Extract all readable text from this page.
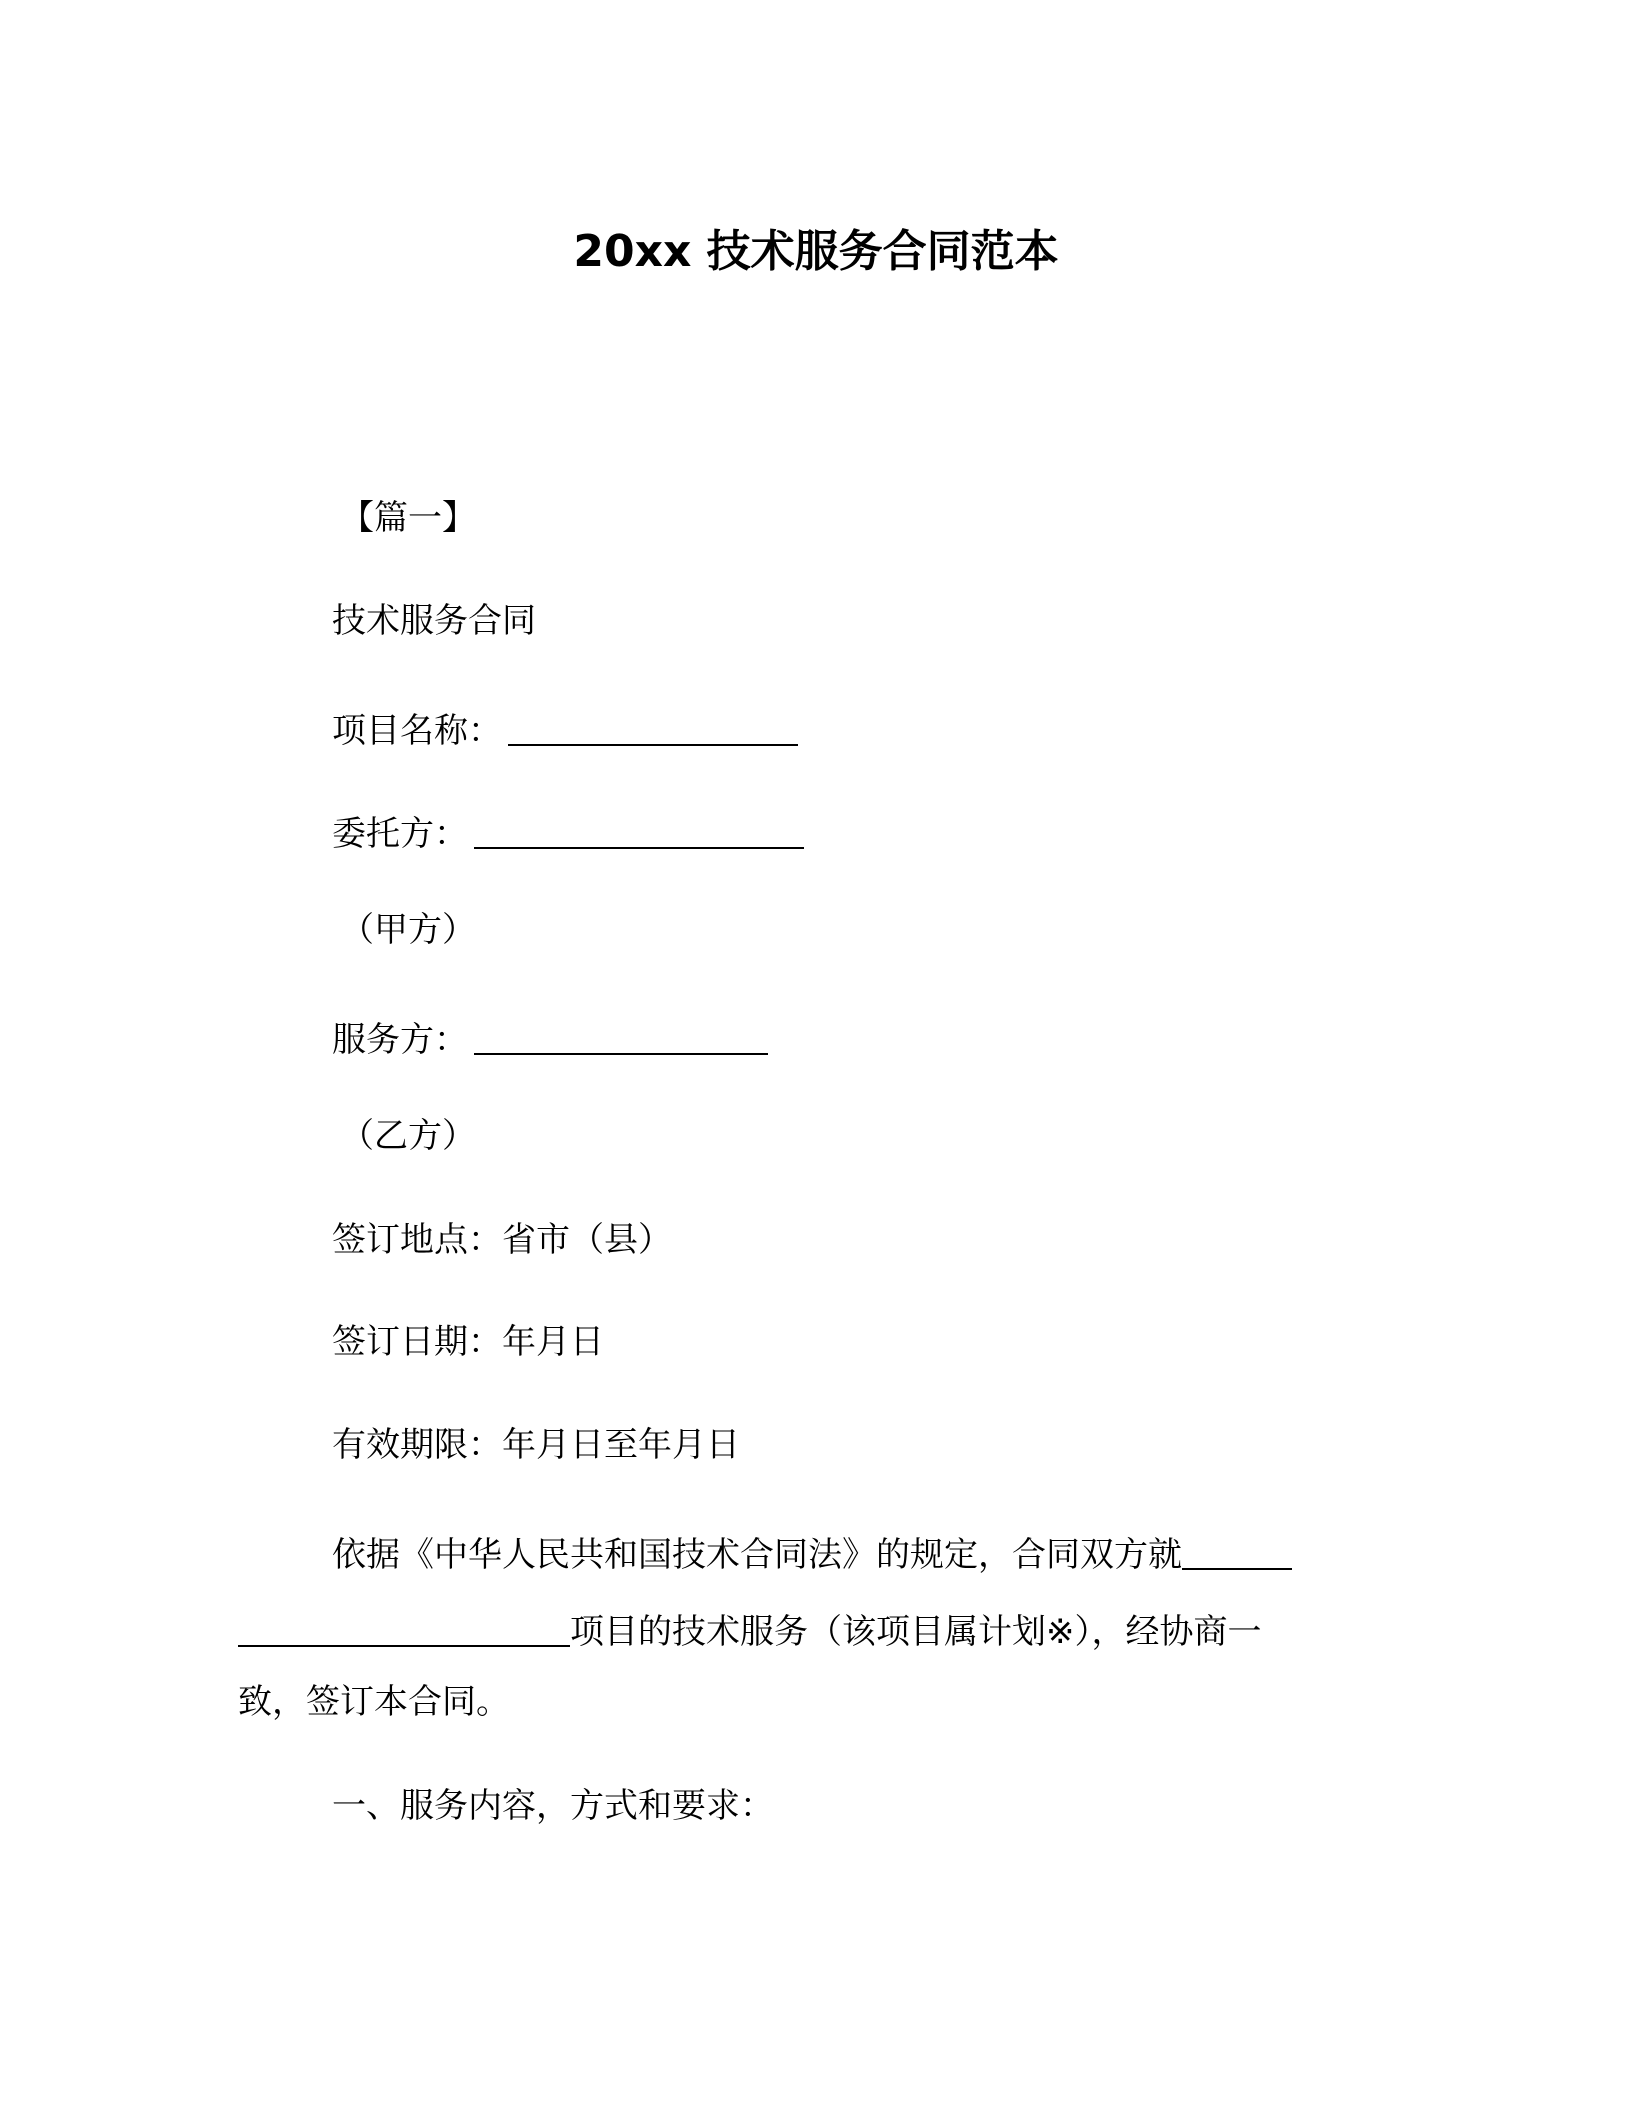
20xx 技术服务合同范本
【篇一】
技术服务合同
项目名称：
委托方：
（甲方）
服务方：
（乙方）
签订地点：省市（县）
签订日期：年月日
有效期限：年月日至年月日
依据《中华人民共和国技术合同法》的规定，合同双方就
项目的技术服务（该项目属计划※），经协商一
致，签订本合同。
一、服务内容，方式和要求：
